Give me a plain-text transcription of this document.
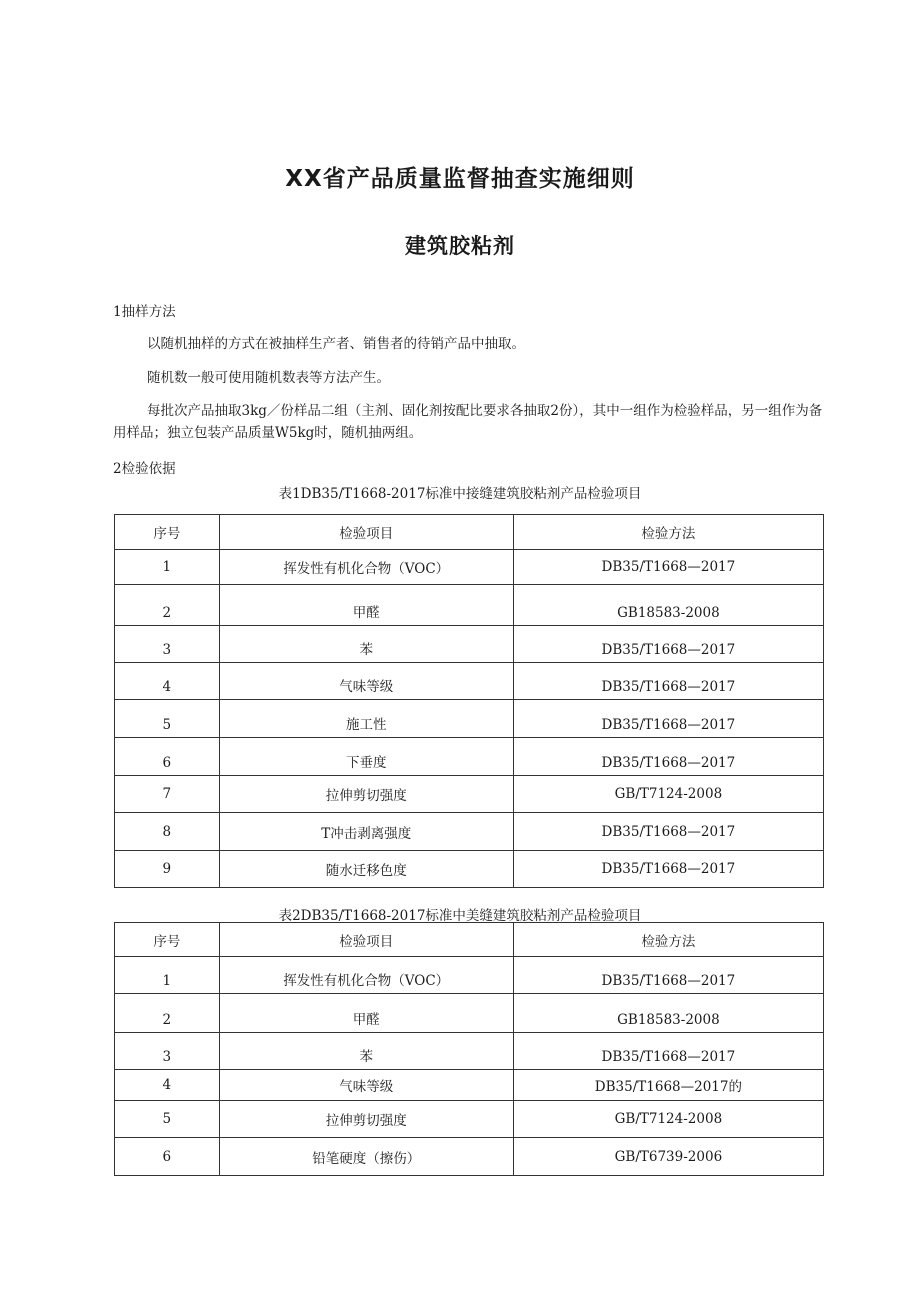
XX省产品质量监督抽查实施细则
建筑胶粘剂

1抽样方法

以随机抽样的方式在被抽样生产者、销售者的待销产品中抽取。

随机数一般可使用随机数表等方法产生。

每批次产品抽取3kg／份样品二组（主剂、固化剂按配比要求各抽取2份），其中一组作为检验样品，另一组作为备用样品；独立包装产品质量W5kg时，随机抽两组。

2检验依据

表1DB35/T1668-2017标准中接缝建筑胶粘剂产品检验项目

序号	检验项目	检验方法
1	挥发性有机化合物（VOC）	DB35/T1668—2017
2	甲醛	GB18583-2008
3	苯	DB35/T1668—2017
4	气味等级	DB35/T1668—2017
5	施工性	DB35/T1668—2017
6	下垂度	DB35/T1668—2017
7	拉伸剪切强度	GB/T7124-2008
8	T冲击剥离强度	DB35/T1668—2017
9	随水迁移色度	DB35/T1668—2017

表2DB35/T1668-2017标准中美缝建筑胶粘剂产品检验项目

序号	检验项目	检验方法
1	挥发性有机化合物（VOC）	DB35/T1668—2017
2	甲醛	GB18583-2008
3	苯	DB35/T1668—2017
4	气味等级	DB35/T1668—2017的
5	拉伸剪切强度	GB/T7124-2008
6	铅笔硬度（擦伤）	GB/T6739-2006
